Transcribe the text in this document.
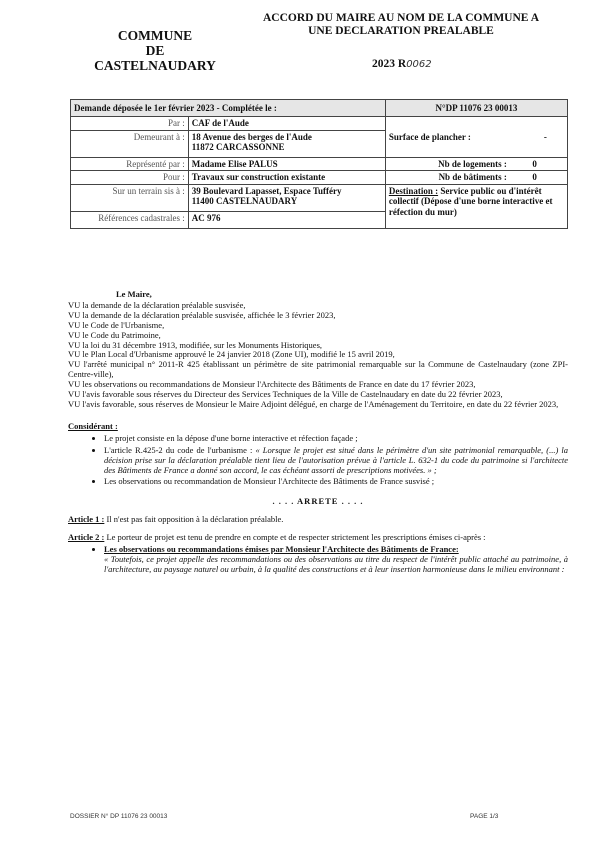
COMMUNE
DE
CASTELNAUDARY
ACCORD DU MAIRE AU NOM DE LA COMMUNE A
UNE DECLARATION PREALABLE
2023 R0062
Demande déposée le 1er février 2023 - Complétée le :		N°DP 11076 23 00013
Par :	CAF de l'Aude	Surface de plancher : -
Demeurant à :	18 Avenue des berges de l'Aude
11872 CARCASSONNE	

Représenté par :	Madame Elise PALUS	Nb de logements : 0
Pour :	Travaux sur construction existante	Nb de bâtiments : 0
Sur un terrain sis à :	39 Boulevard Lapasset, Espace Tufféry
11400 CASTELNAUDARY	Destination : Service public ou d'intérêt collectif (Dépose d'une borne interactive et réfection du mur)
Références cadastrales :	AC 976	

Le Maire,

VU la demande de la déclaration préalable susvisée,

VU la demande de la déclaration préalable susvisée, affichée le 3 février 2023,

VU le Code de l'Urbanisme,

VU le Code du Patrimoine,

VU la loi du 31 décembre 1913, modifiée, sur les Monuments Historiques,

VU le Plan Local d'Urbanisme approuvé le 24 janvier 2018 (Zone UI), modifié le 15 avril 2019,

VU l'arrêté municipal n° 2011-R 425 établissant un périmètre de site patrimonial remarquable sur la Commune de Castelnaudary (zone ZPI-Centre-ville),

VU les observations ou recommandations de Monsieur l'Architecte des Bâtiments de France en date du 17 février 2023,

VU l'avis favorable sous réserves du Directeur des Services Techniques de la Ville de Castelnaudary en date du 22 février 2023,

VU l'avis favorable, sous réserves de Monsieur le Maire Adjoint délégué, en charge de l'Aménagement du Territoire, en date du 22 février 2023,

Considérant :

• Le projet consiste en la dépose d'une borne interactive et réfection façade ;
• L'article R.425-2 du code de l'urbanisme : « Lorsque le projet est situé dans le périmètre d'un site patrimonial remarquable, (...) la décision prise sur la déclaration préalable tient lieu de l'autorisation prévue à l'article L. 632-1 du code du patrimoine si l'architecte des Bâtiments de France a donné son accord, le cas échéant assorti de prescriptions motivées. » ;
• Les observations ou recommandation de Monsieur l'Architecte des Bâtiments de France susvisé ;

. . . . ARRETE . . . .

Article 1 : Il n'est pas fait opposition à la déclaration préalable.

Article 2 : Le porteur de projet est tenu de prendre en compte et de respecter strictement les prescriptions émises ci-après :

• Les observations ou recommandations émises par Monsieur l'Architecte des Bâtiments de France:
« Toutefois, ce projet appelle des recommandations ou des observations au titre du respect de l'intérêt public attaché au patrimoine, à l'architecture, au paysage naturel ou urbain, à la qualité des constructions et à leur insertion harmonieuse dans le milieu environnant :
DOSSIER N° DP 11076 23 00013	PAGE 1/3
